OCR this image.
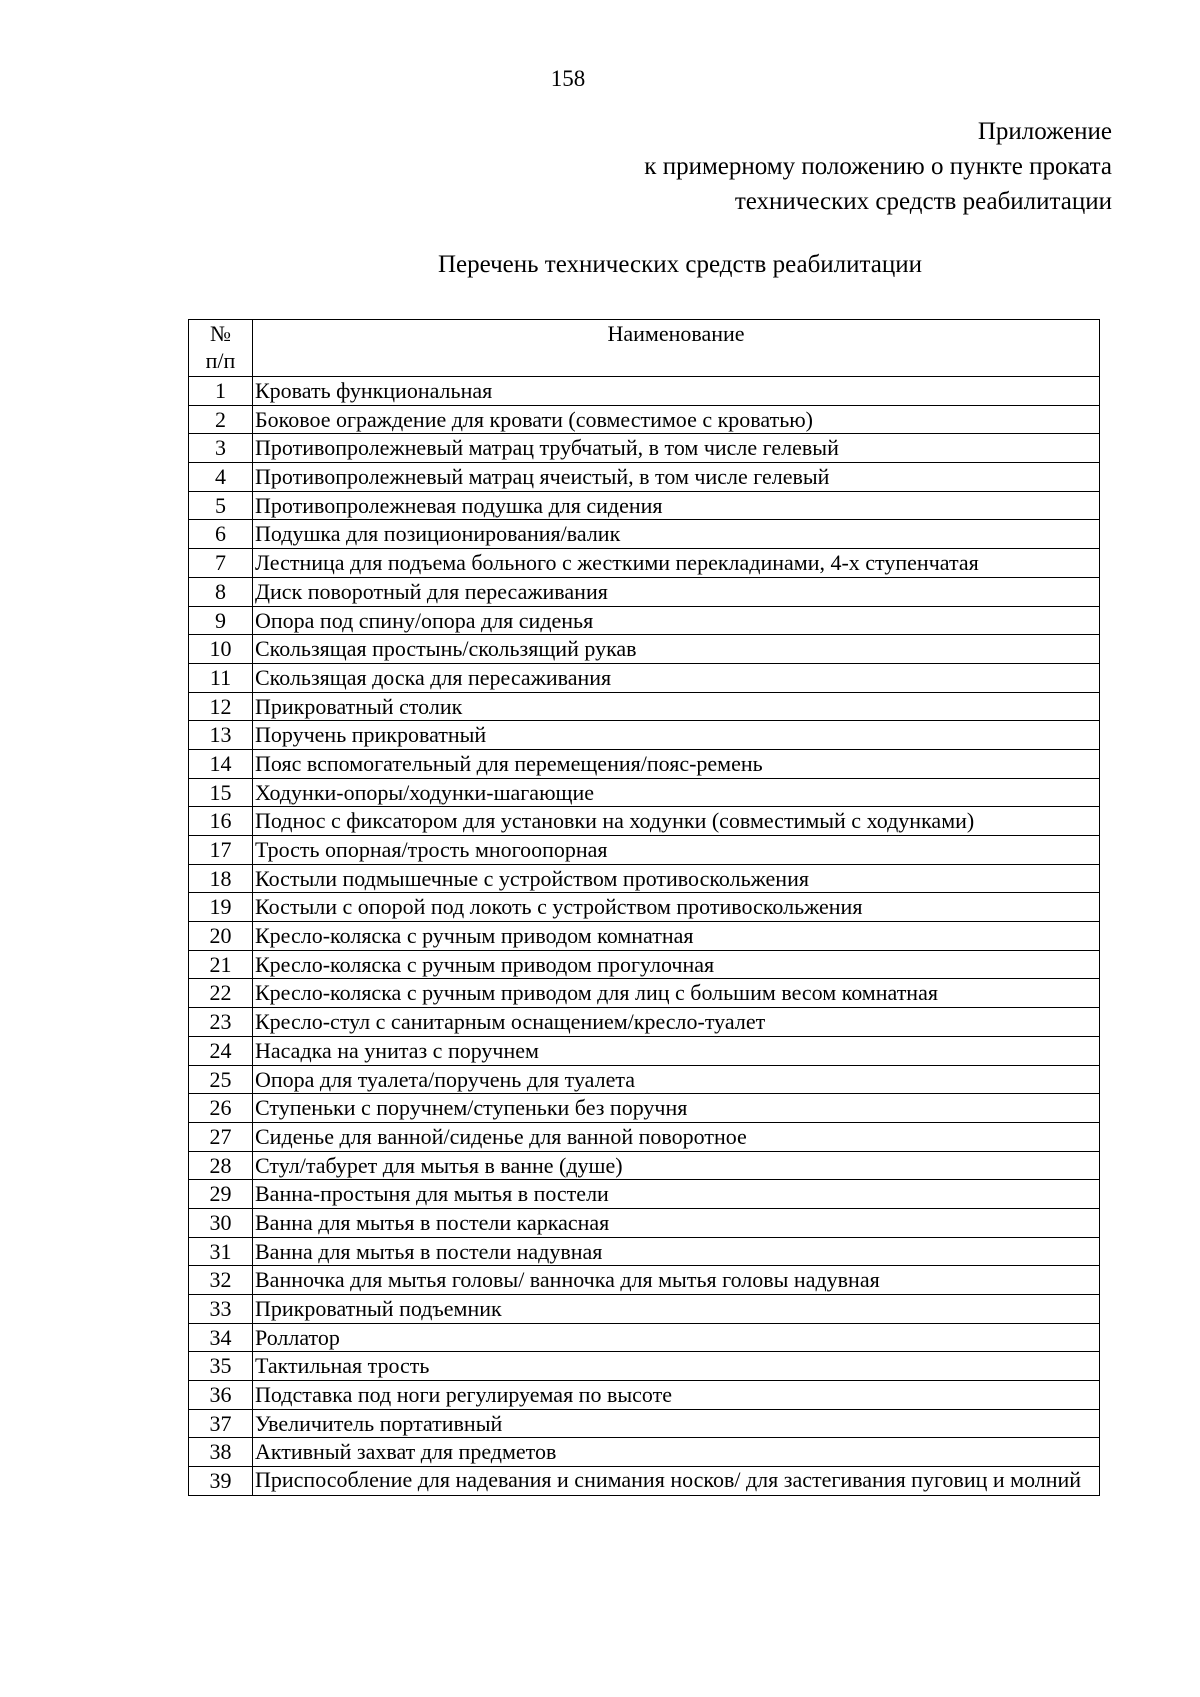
158
Приложение
к примерному положению о пункте проката
технических средств реабилитации
Перечень технических средств реабилитации
№
п/п	Наименование
1	Кровать функциональная
2	Боковое ограждение для кровати (совместимое с кроватью)
3	Противопролежневый матрац трубчатый, в том числе гелевый
4	Противопролежневый матрац ячеистый, в том числе гелевый
5	Противопролежневая подушка для сидения
6	Подушка для позиционирования/валик
7	Лестница для подъема больного с жесткими перекладинами, 4-х ступенчатая
8	Диск поворотный для пересаживания
9	Опора под спину/опора для сиденья
10	Скользящая простынь/скользящий рукав
11	Скользящая доска для пересаживания
12	Прикроватный столик
13	Поручень прикроватный
14	Пояс вспомогательный для перемещения/пояс-ремень
15	Ходунки-опоры/ходунки-шагающие
16	Поднос с фиксатором для установки на ходунки (совместимый с ходунками)
17	Трость опорная/трость многоопорная
18	Костыли подмышечные с устройством противоскольжения
19	Костыли с опорой под локоть с устройством противоскольжения
20	Кресло-коляска с ручным приводом комнатная
21	Кресло-коляска с ручным приводом прогулочная
22	Кресло-коляска с ручным приводом для лиц с большим весом комнатная
23	Кресло-стул с санитарным оснащением/кресло-туалет
24	Насадка на унитаз с поручнем
25	Опора для туалета/поручень для туалета
26	Ступеньки с поручнем/ступеньки без поручня
27	Сиденье для ванной/сиденье для ванной поворотное
28	Стул/табурет для мытья в ванне (душе)
29	Ванна-простыня для мытья в постели
30	Ванна для мытья в постели каркасная
31	Ванна для мытья в постели надувная
32	Ванночка для мытья головы/ ванночка для мытья головы надувная
33	Прикроватный подъемник
34	Роллатор
35	Тактильная трость
36	Подставка под ноги регулируемая по высоте
37	Увеличитель портативный
38	Активный захват для предметов
39	Приспособление для надевания и снимания носков/ для застегивания пуговиц и молний
